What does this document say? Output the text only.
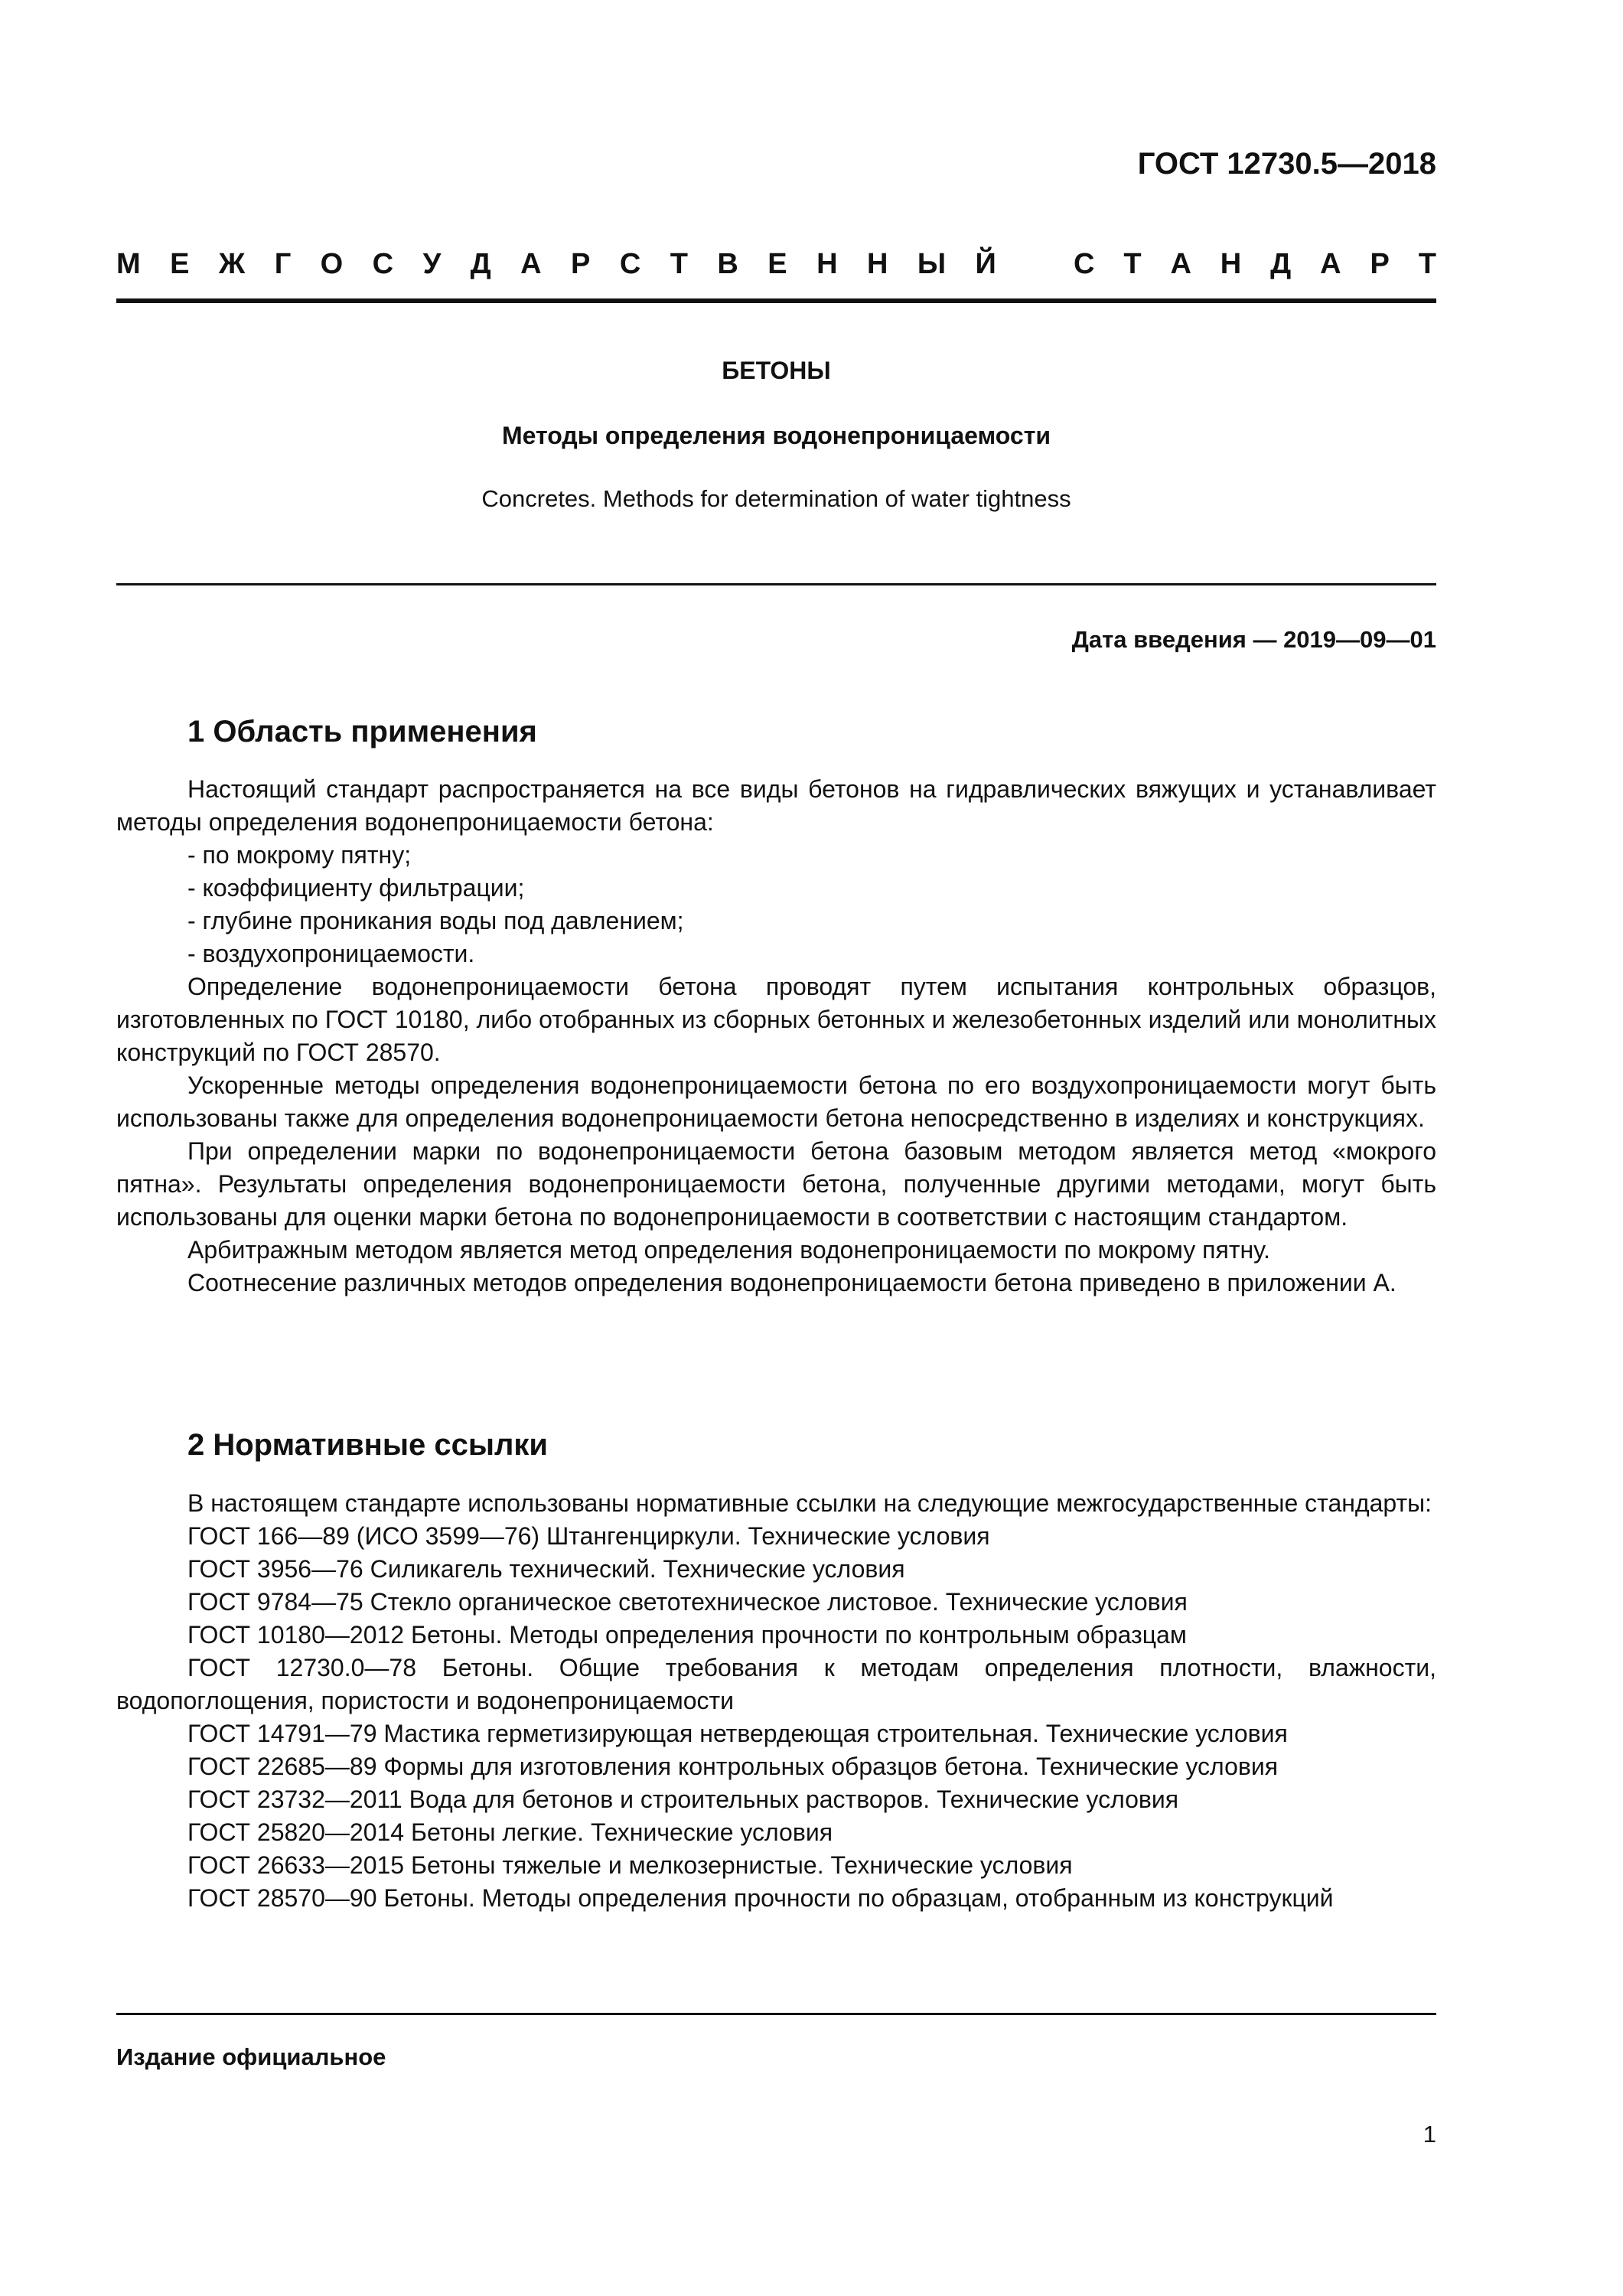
ГОСТ 12730.5—2018
М Е Ж Г О С У Д А Р С Т В Е Н Н Ы Й	С Т А Н Д А Р Т
БЕТОНЫ
Методы определения водонепроницаемости
Concretes. Methods for determination of water tightness
Дата введения — 2019—09—01
1 Область применения

Настоящий стандарт распространяется на все виды бетонов на гидравлических вяжущих и устанавливает методы определения водонепроницаемости бетона:

- по мокрому пятну;

- коэффициенту фильтрации;

- глубине проникания воды под давлением;

- воздухопроницаемости.

Определение водонепроницаемости бетона проводят путем испытания контрольных образцов, изготовленных по ГОСТ 10180, либо отобранных из сборных бетонных и железобетонных изделий или монолитных конструкций по ГОСТ 28570.

Ускоренные методы определения водонепроницаемости бетона по его воздухопроницаемости могут быть использованы также для определения водонепроницаемости бетона непосредственно в изделиях и конструкциях.

При определении марки по водонепроницаемости бетона базовым методом является метод «мокрого пятна». Результаты определения водонепроницаемости бетона, полученные другими методами, могут быть использованы для оценки марки бетона по водонепроницаемости в соответствии с настоящим стандартом.

Арбитражным методом является метод определения водонепроницаемости по мокрому пятну.

Соотнесение различных методов определения водонепроницаемости бетона приведено в приложении А.

2 Нормативные ссылки

В настоящем стандарте использованы нормативные ссылки на следующие межгосударственные стандарты:

ГОСТ 166—89 (ИСО 3599—76) Штангенциркули. Технические условия

ГОСТ 3956—76 Силикагель технический. Технические условия

ГОСТ 9784—75 Стекло органическое светотехническое листовое. Технические условия

ГОСТ 10180—2012 Бетоны. Методы определения прочности по контрольным образцам

ГОСТ 12730.0—78 Бетоны. Общие требования к методам определения плотности, влажности, водопоглощения, пористости и водонепроницаемости

ГОСТ 14791—79 Мастика герметизирующая нетвердеющая строительная. Технические условия

ГОСТ 22685—89 Формы для изготовления контрольных образцов бетона. Технические условия

ГОСТ 23732—2011 Вода для бетонов и строительных растворов. Технические условия

ГОСТ 25820—2014 Бетоны легкие. Технические условия

ГОСТ 26633—2015 Бетоны тяжелые и мелкозернистые. Технические условия

ГОСТ 28570—90 Бетоны. Методы определения прочности по образцам, отобранным из конструкций

Издание официальное
1
